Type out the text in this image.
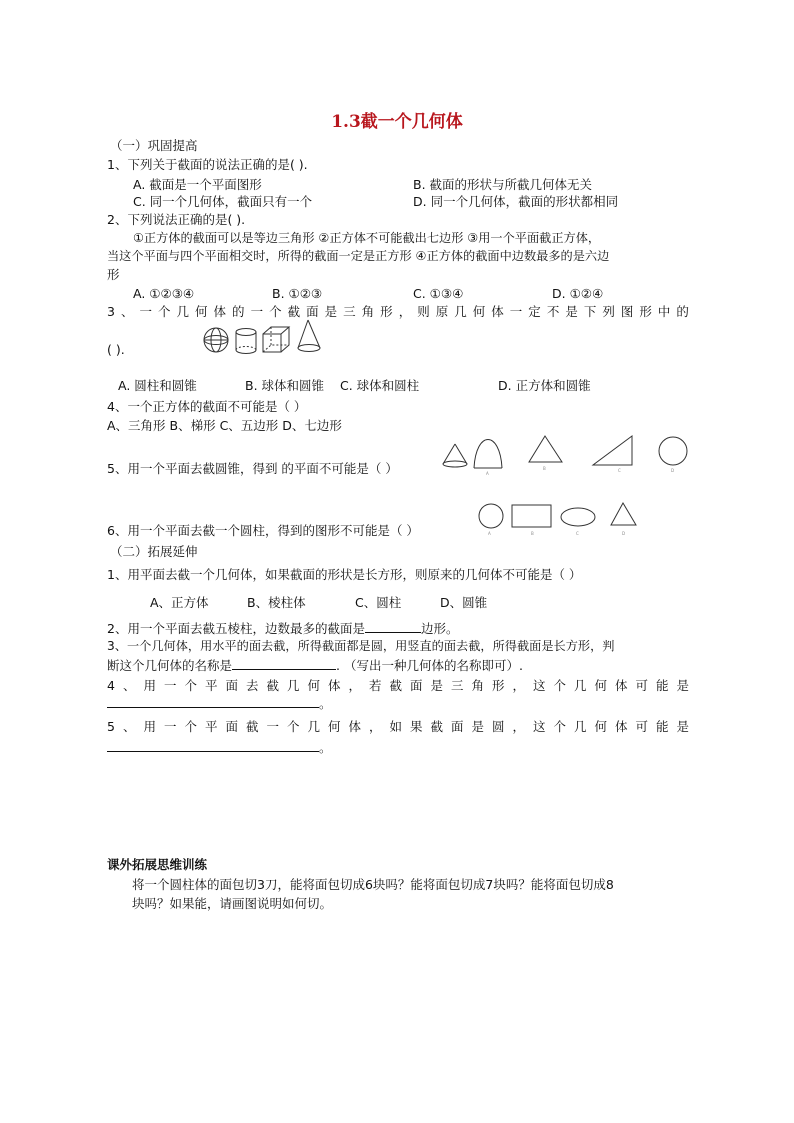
1.3截一个几何体
（一）巩固提高
1、下列关于截面的说法正确的是( ).
A. 截面是一个平面图形	B. 截面的形状与所截几何体无关
C. 同一个几何体，截面只有一个	D. 同一个几何体，截面的形状都相同
2、下列说法正确的是( ).
①正方体的截面可以是等边三角形 ②正方体不可能截出七边形 ③用一个平面截正方体，
当这个平面与四个平面相交时，所得的截面一定是正方形 ④正方体的截面中边数最多的是六边
形
A. ①②③④	B. ①②③	C. ①③④	D. ①②④
3 、 一 个 几 何 体 的 一 个 截 面 是 三 角 形 ， 则 原 几 何 体 一 定 不 是 下 列 图 形 中 的
( ).
A. 圆柱和圆锥	B. 球体和圆锥 C. 球体和圆柱	D. 正方体和圆锥
4、一个正方体的截面不可能是（ ）
A、三角形 B、梯形 C、五边形 D、七边形
5、用一个平面去截圆锥，得到 的平面不可能是（ ）	A
B	C	D
6、用一个平面去截一个圆柱，得到的图形不可能是（ ）	A	B	C	D
（二）拓展延伸
1、用平面去截一个几何体，如果截面的形状是长方形，则原来的几何体不可能是（ ）
A、正方体	B、棱柱体	C、圆柱	D、圆锥
2、用一个平面去截五棱柱，边数最多的截面是	边形。
3、一个几何体，用水平的面去截，所得截面都是圆，用竖直的面去截，所得截面是长方形，判
断这个几何体的名称是	. （写出一种几何体的名称即可）.
4 、 用 一 个 平 面 去 截 几 何 体 ， 若 截 面 是 三 角 形 ， 这 个 几 何 体 可 能 是
。
5 、 用 一 个 平 面 截 一 个 几 何 体 ， 如 果 截 面 是 圆 ， 这 个 几 何 体 可 能 是
。
课外拓展思维训练
将一个圆柱体的面包切3刀，能将面包切成6块吗？能将面包切成7块吗？能将面包切成8
块吗？如果能，请画图说明如何切。
